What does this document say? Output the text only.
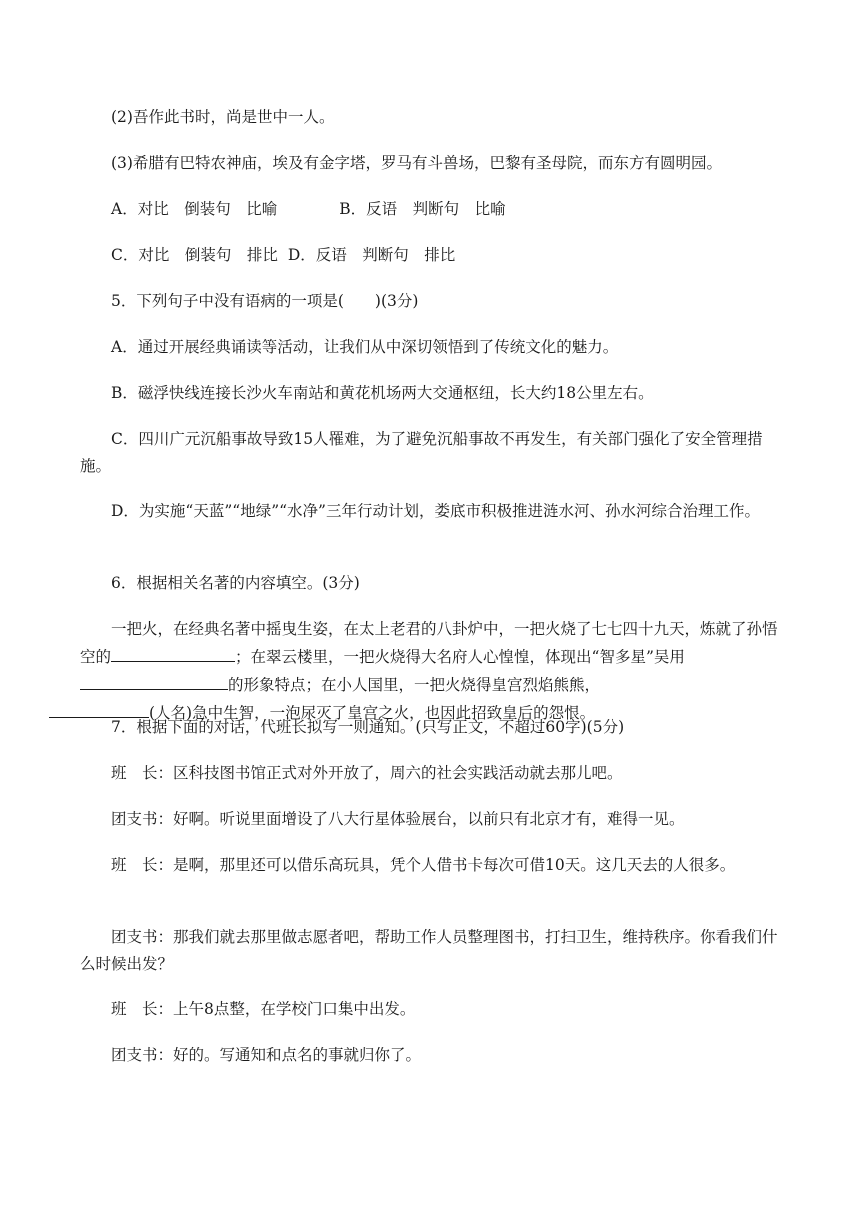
(2)吾作此书时，尚是世中一人。

(3)希腊有巴特农神庙，埃及有金字塔，罗马有斗兽场，巴黎有圣母院，而东方有圆明园。

A．对比　倒装句　比喻	B．反语　判断句　比喻

C．对比　倒装句　排比 D．反语　判断句　排比

5．下列句子中没有语病的一项是(　　)(3分)

A．通过开展经典诵读等活动，让我们从中深切领悟到了传统文化的魅力。

B．磁浮快线连接长沙火车南站和黄花机场两大交通枢纽，长大约18公里左右。

C．四川广元沉船事故导致15人罹难，为了避免沉船事故不再发生，有关部门强化了安全管理措施。

D．为实施“天蓝”“地绿”“水净”三年行动计划，娄底市积极推进涟水河、孙水河综合治理工作。

6．根据相关名著的内容填空。(3分)

一把火，在经典名著中摇曳生姿，在太上老君的八卦炉中，一把火烧了七七四十九天，炼就了孙悟空的	；在翠云楼里，一把火烧得大名府人心惶惶，体现出“智多星”吴用的形象特点；在小人国里，一把火烧得皇宫烈焰熊熊，
(人名)急中生智，一泡尿灭了皇宫之火，也因此招致皇后的怨恨。

7．根据下面的对话，代班长拟写一则通知。(只写正文，不超过60字)(5分)

班　长：区科技图书馆正式对外开放了，周六的社会实践活动就去那儿吧。

团支书：好啊。听说里面增设了八大行星体验展台，以前只有北京才有，难得一见。

班　长：是啊，那里还可以借乐高玩具，凭个人借书卡每次可借10天。这几天去的人很多。

团支书：那我们就去那里做志愿者吧，帮助工作人员整理图书，打扫卫生，维持秩序。你看我们什么时候出发？

班　长：上午8点整，在学校门口集中出发。

团支书：好的。写通知和点名的事就归你了。
